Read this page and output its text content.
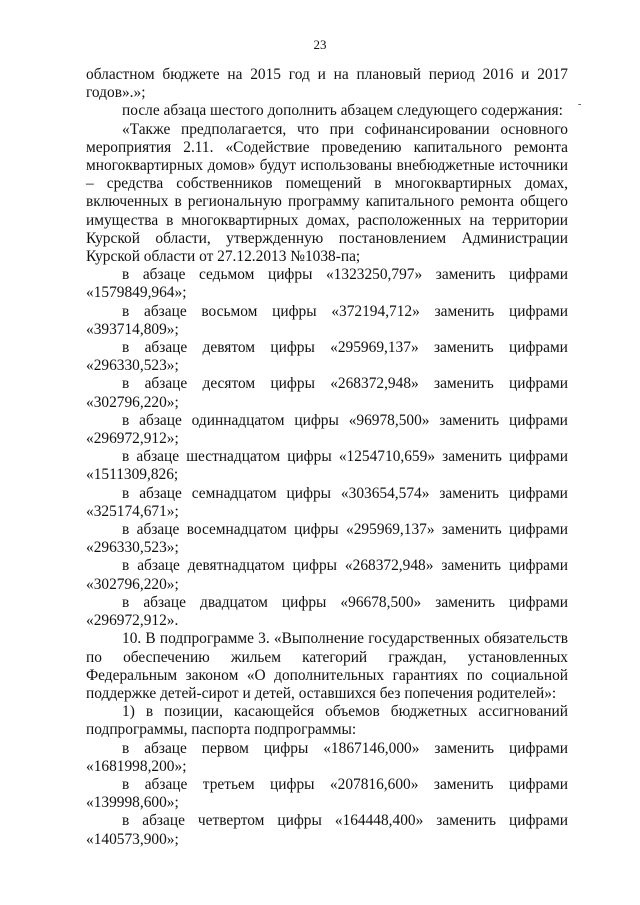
23
-

областном бюджете на 2015 год и на плановый период 2016 и 2017 годов».»;

после абзаца шестого дополнить абзацем следующего содержания:

«Также предполагается, что при софинансировании основного мероприятия 2.11. «Содействие проведению капитального ремонта многоквартирных домов» будут использованы внебюджетные источники – средства собственников помещений в многоквартирных домах, включенных в региональную программу капитального ремонта общего имущества в многоквартирных домах, расположенных на территории Курской области, утвержденную постановлением Администрации Курской области от 27.12.2013 №1038-па;

в абзаце седьмом цифры «1323250,797» заменить цифрами
«1579849,964»;
в абзаце восьмом цифры «372194,712» заменить цифрами
«393714,809»;
в абзаце девятом цифры «295969,137» заменить цифрами
«296330,523»;
в абзаце десятом цифры «268372,948» заменить цифрами
«302796,220»;
в абзаце одиннадцатом цифры «96978,500» заменить цифрами
«296972,912»;
в абзаце шестнадцатом цифры «1254710,659» заменить цифрами
«1511309,826;
в абзаце семнадцатом цифры «303654,574» заменить цифрами
«325174,671»;
в абзаце восемнадцатом цифры «295969,137» заменить цифрами
«296330,523»;
в абзаце девятнадцатом цифры «268372,948» заменить цифрами
«302796,220»;
в абзаце двадцатом цифры «96678,500» заменить цифрами
«296972,912».

10. В подпрограмме 3. «Выполнение государственных обязательств по обеспечению жильем категорий граждан, установленных Федеральным законом «О дополнительных гарантиях по социальной поддержке детей-сирот и детей, оставшихся без попечения родителей»:

1) в позиции, касающейся объемов бюджетных ассигнований подпрограммы, паспорта подпрограммы:

в абзаце первом цифры «1867146,000» заменить цифрами
«1681998,200»;
в абзаце третьем цифры «207816,600» заменить цифрами
«139998,600»;
в абзаце четвертом цифры «164448,400» заменить цифрами
«140573,900»;
